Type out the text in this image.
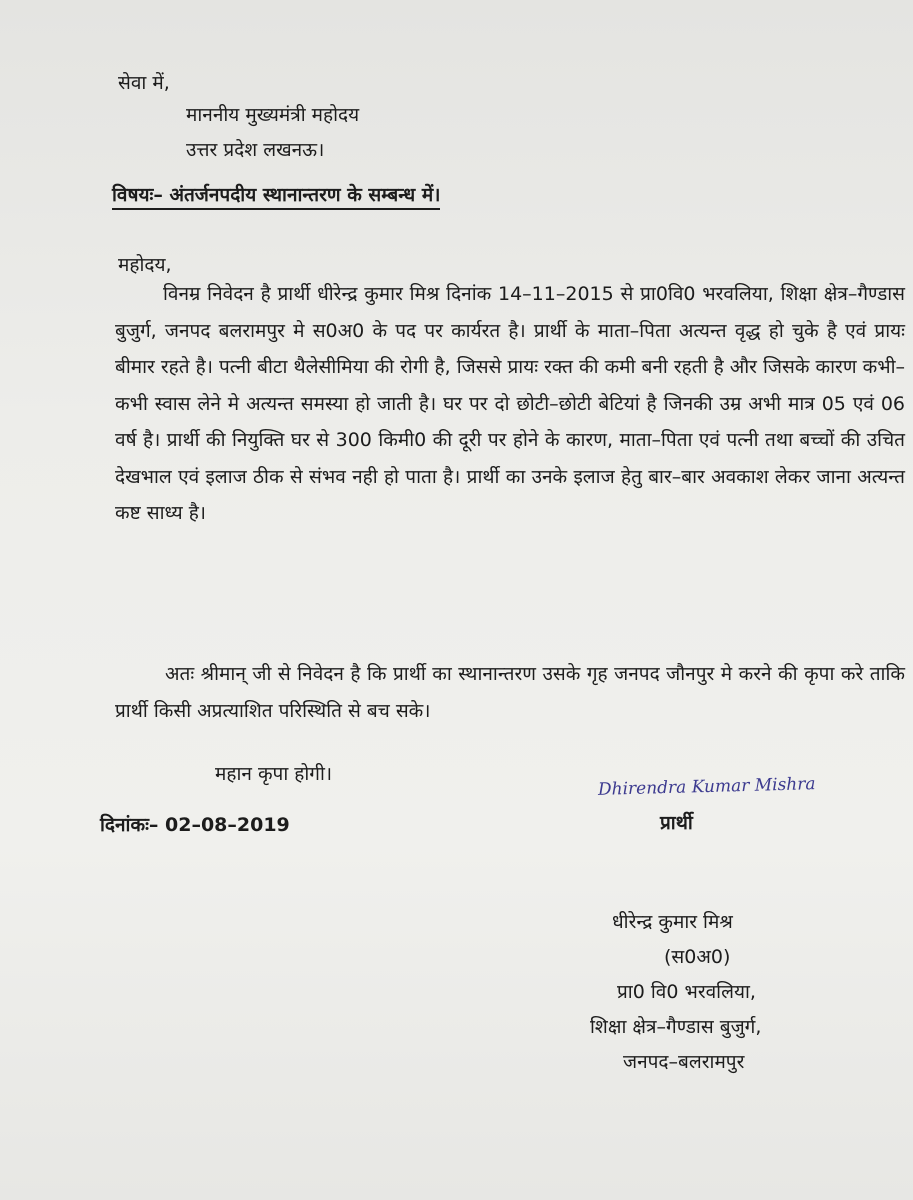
सेवा में,
माननीय मुख्यमंत्री महोदय
उत्तर प्रदेश लखनऊ।
विषयः– अंतर्जनपदीय स्थानान्तरण के सम्बन्ध में।
महोदय,
विनम्र निवेदन है प्रार्थी धीरेन्द्र कुमार मिश्र दिनांक 14–11–2015 से प्रा0वि0 भरवलिया, शिक्षा क्षेत्र–गैण्डास बुजुर्ग, जनपद बलरामपुर मे स0अ0 के पद पर कार्यरत है। प्रार्थी के माता–पिता अत्यन्त वृद्ध हो चुके है एवं प्रायः बीमार रहते है। पत्नी बीटा थैलेसीमिया की रोगी है, जिससे प्रायः रक्त की कमी बनी रहती है और जिसके कारण कभी–कभी स्वास लेने मे अत्यन्त समस्या हो जाती है। घर पर दो छोटी–छोटी बेटियां है जिनकी उम्र अभी मात्र 05 एवं 06 वर्ष है। प्रार्थी की नियुक्ति घर से 300 किमी0 की दूरी पर होने के कारण, माता–पिता एवं पत्नी तथा बच्चों की उचित देखभाल एवं इलाज ठीक से संभव नही हो पाता है। प्रार्थी का उनके इलाज हेतु बार–बार अवकाश लेकर जाना अत्यन्त कष्ट साध्य है।
अतः श्रीमान् जी से निवेदन है कि प्रार्थी का स्थानान्तरण उसके गृह जनपद जौनपुर मे करने की कृपा करे ताकि प्रार्थी किसी अप्रत्याशित परिस्थिति से बच सके।
महान कृपा होगी।
दिनांकः– 02–08–2019
Dhirendra Kumar Mishra
प्रार्थी
धीरेन्द्र कुमार मिश्र
(स0अ0)
प्रा0 वि0 भरवलिया,
शिक्षा क्षेत्र–गैण्डास बुजुर्ग,
जनपद–बलरामपुर
